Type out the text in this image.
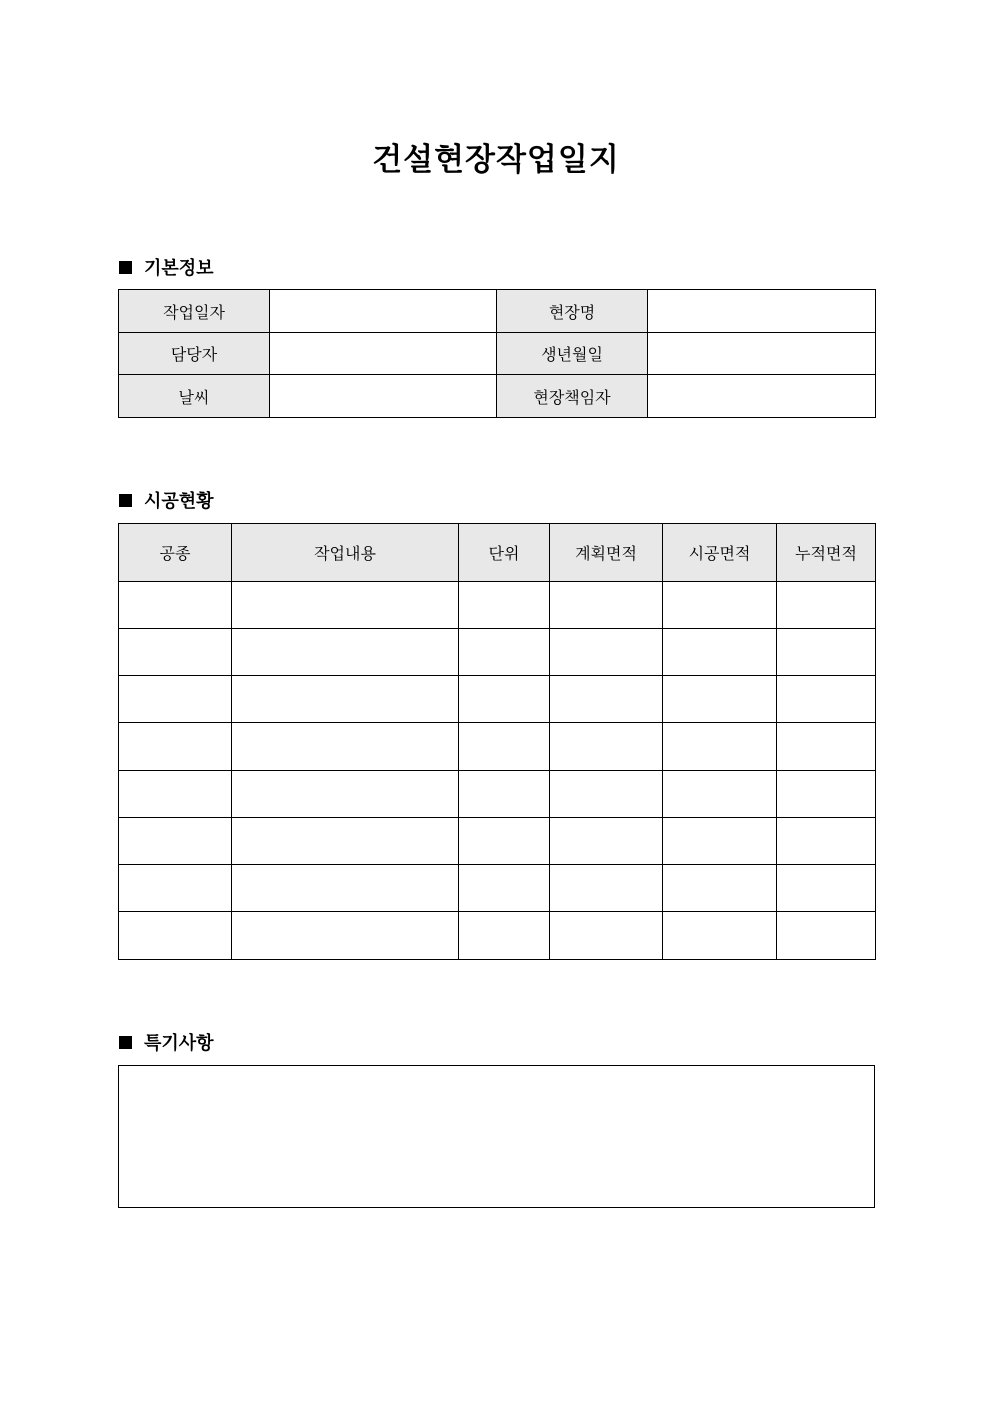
건설현장작업일지
기본정보
작업일자		현장명	
담당자		생년월일	
날씨		현장책임자	
시공현황
공종	작업내용	단위	계획면적	시공면적	누적면적

특기사항
